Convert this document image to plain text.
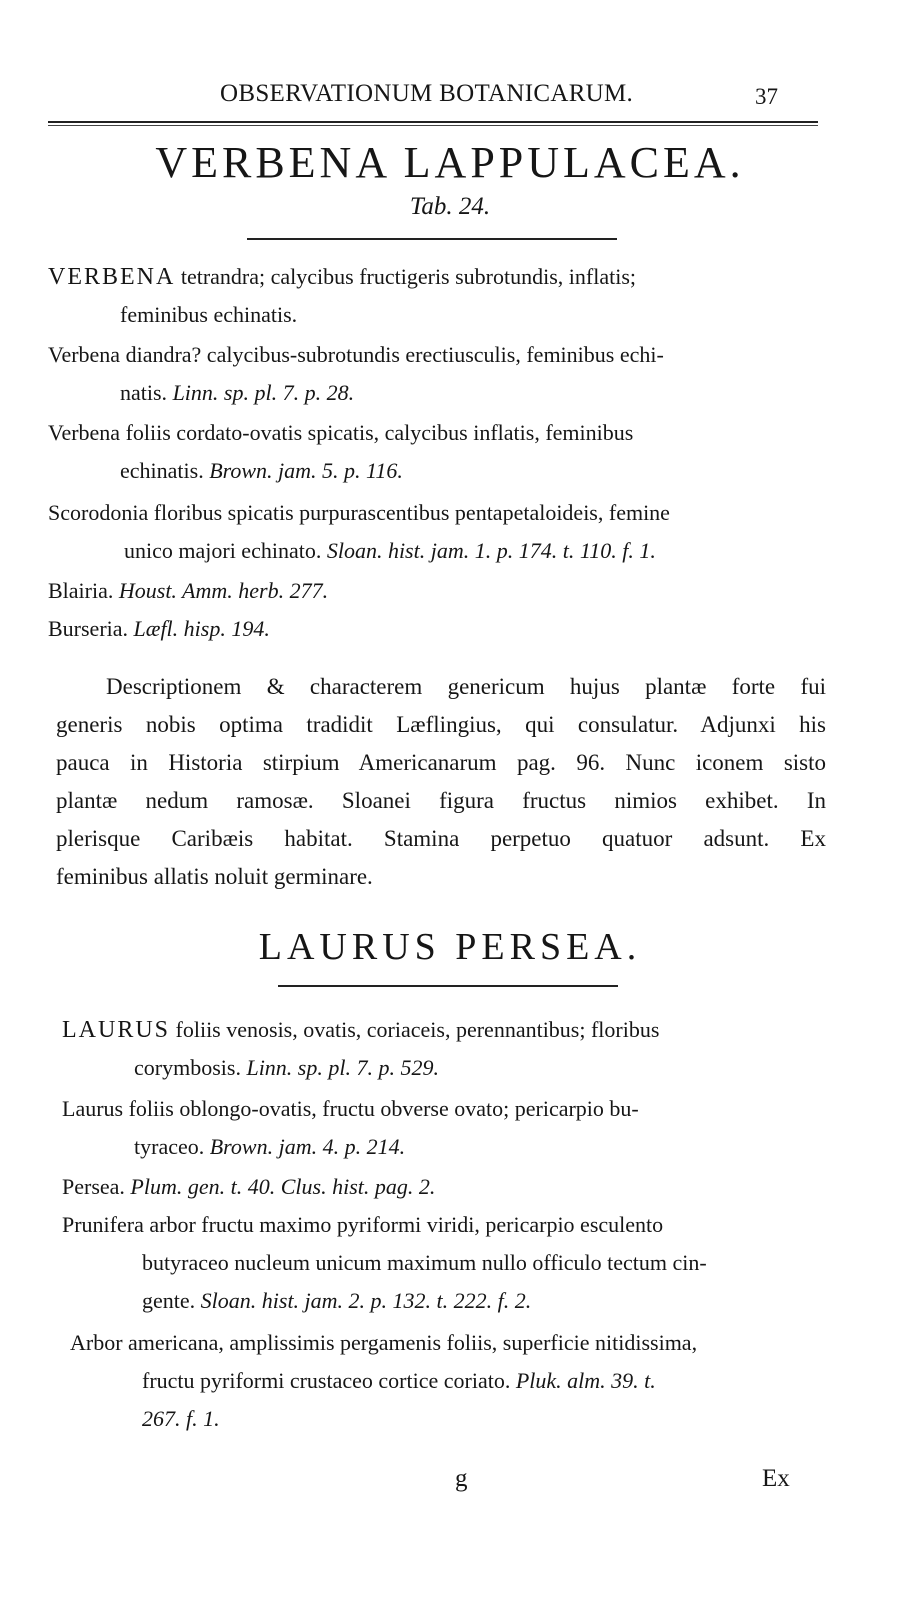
OBSERVATIONUM BOTANICARUM.	37
VERBENA LAPPULACEA.
Tab. 24.
VERBENA tetrandra; calycibus fructigeris subrotundis, inflatis;
feminibus echinatis.
Verbena diandra? calycibus-subrotundis erectiusculis, feminibus echi-
natis. Linn. sp. pl. 7. p. 28.
Verbena foliis cordato-ovatis spicatis, calycibus inflatis, feminibus
echinatis. Brown. jam. 5. p. 116.
Scorodonia floribus spicatis purpurascentibus pentapetaloideis, femine
unico majori echinato. Sloan. hist. jam. 1. p. 174. t. 110. f. 1.
Blairia. Houst. Amm. herb. 277.
Burseria. Læfl. hisp. 194.
Descriptionem & characterem genericum hujus plantæ forte fui
generis nobis optima tradidit Læflingius, qui consulatur. Adjunxi his
pauca in Historia stirpium Americanarum pag. 96. Nunc iconem sisto
plantæ nedum ramosæ. Sloanei figura fructus nimios exhibet. In
plerisque Caribæis habitat. Stamina perpetuo quatuor adsunt. Ex
feminibus allatis noluit germinare.
LAURUS PERSEA.
LAURUS foliis venosis, ovatis, coriaceis, perennantibus; floribus
corymbosis. Linn. sp. pl. 7. p. 529.
Laurus foliis oblongo-ovatis, fructu obverse ovato; pericarpio bu-
tyraceo. Brown. jam. 4. p. 214.
Persea. Plum. gen. t. 40. Clus. hist. pag. 2.
Prunifera arbor fructu maximo pyriformi viridi, pericarpio esculento
butyraceo nucleum unicum maximum nullo officulo tectum cin-
gente. Sloan. hist. jam. 2. p. 132. t. 222. f. 2.
Arbor americana, amplissimis pergamenis foliis, superficie nitidissima,
fructu pyriformi crustaceo cortice coriato. Pluk. alm. 39. t.
267. f. 1.
g	Ex
